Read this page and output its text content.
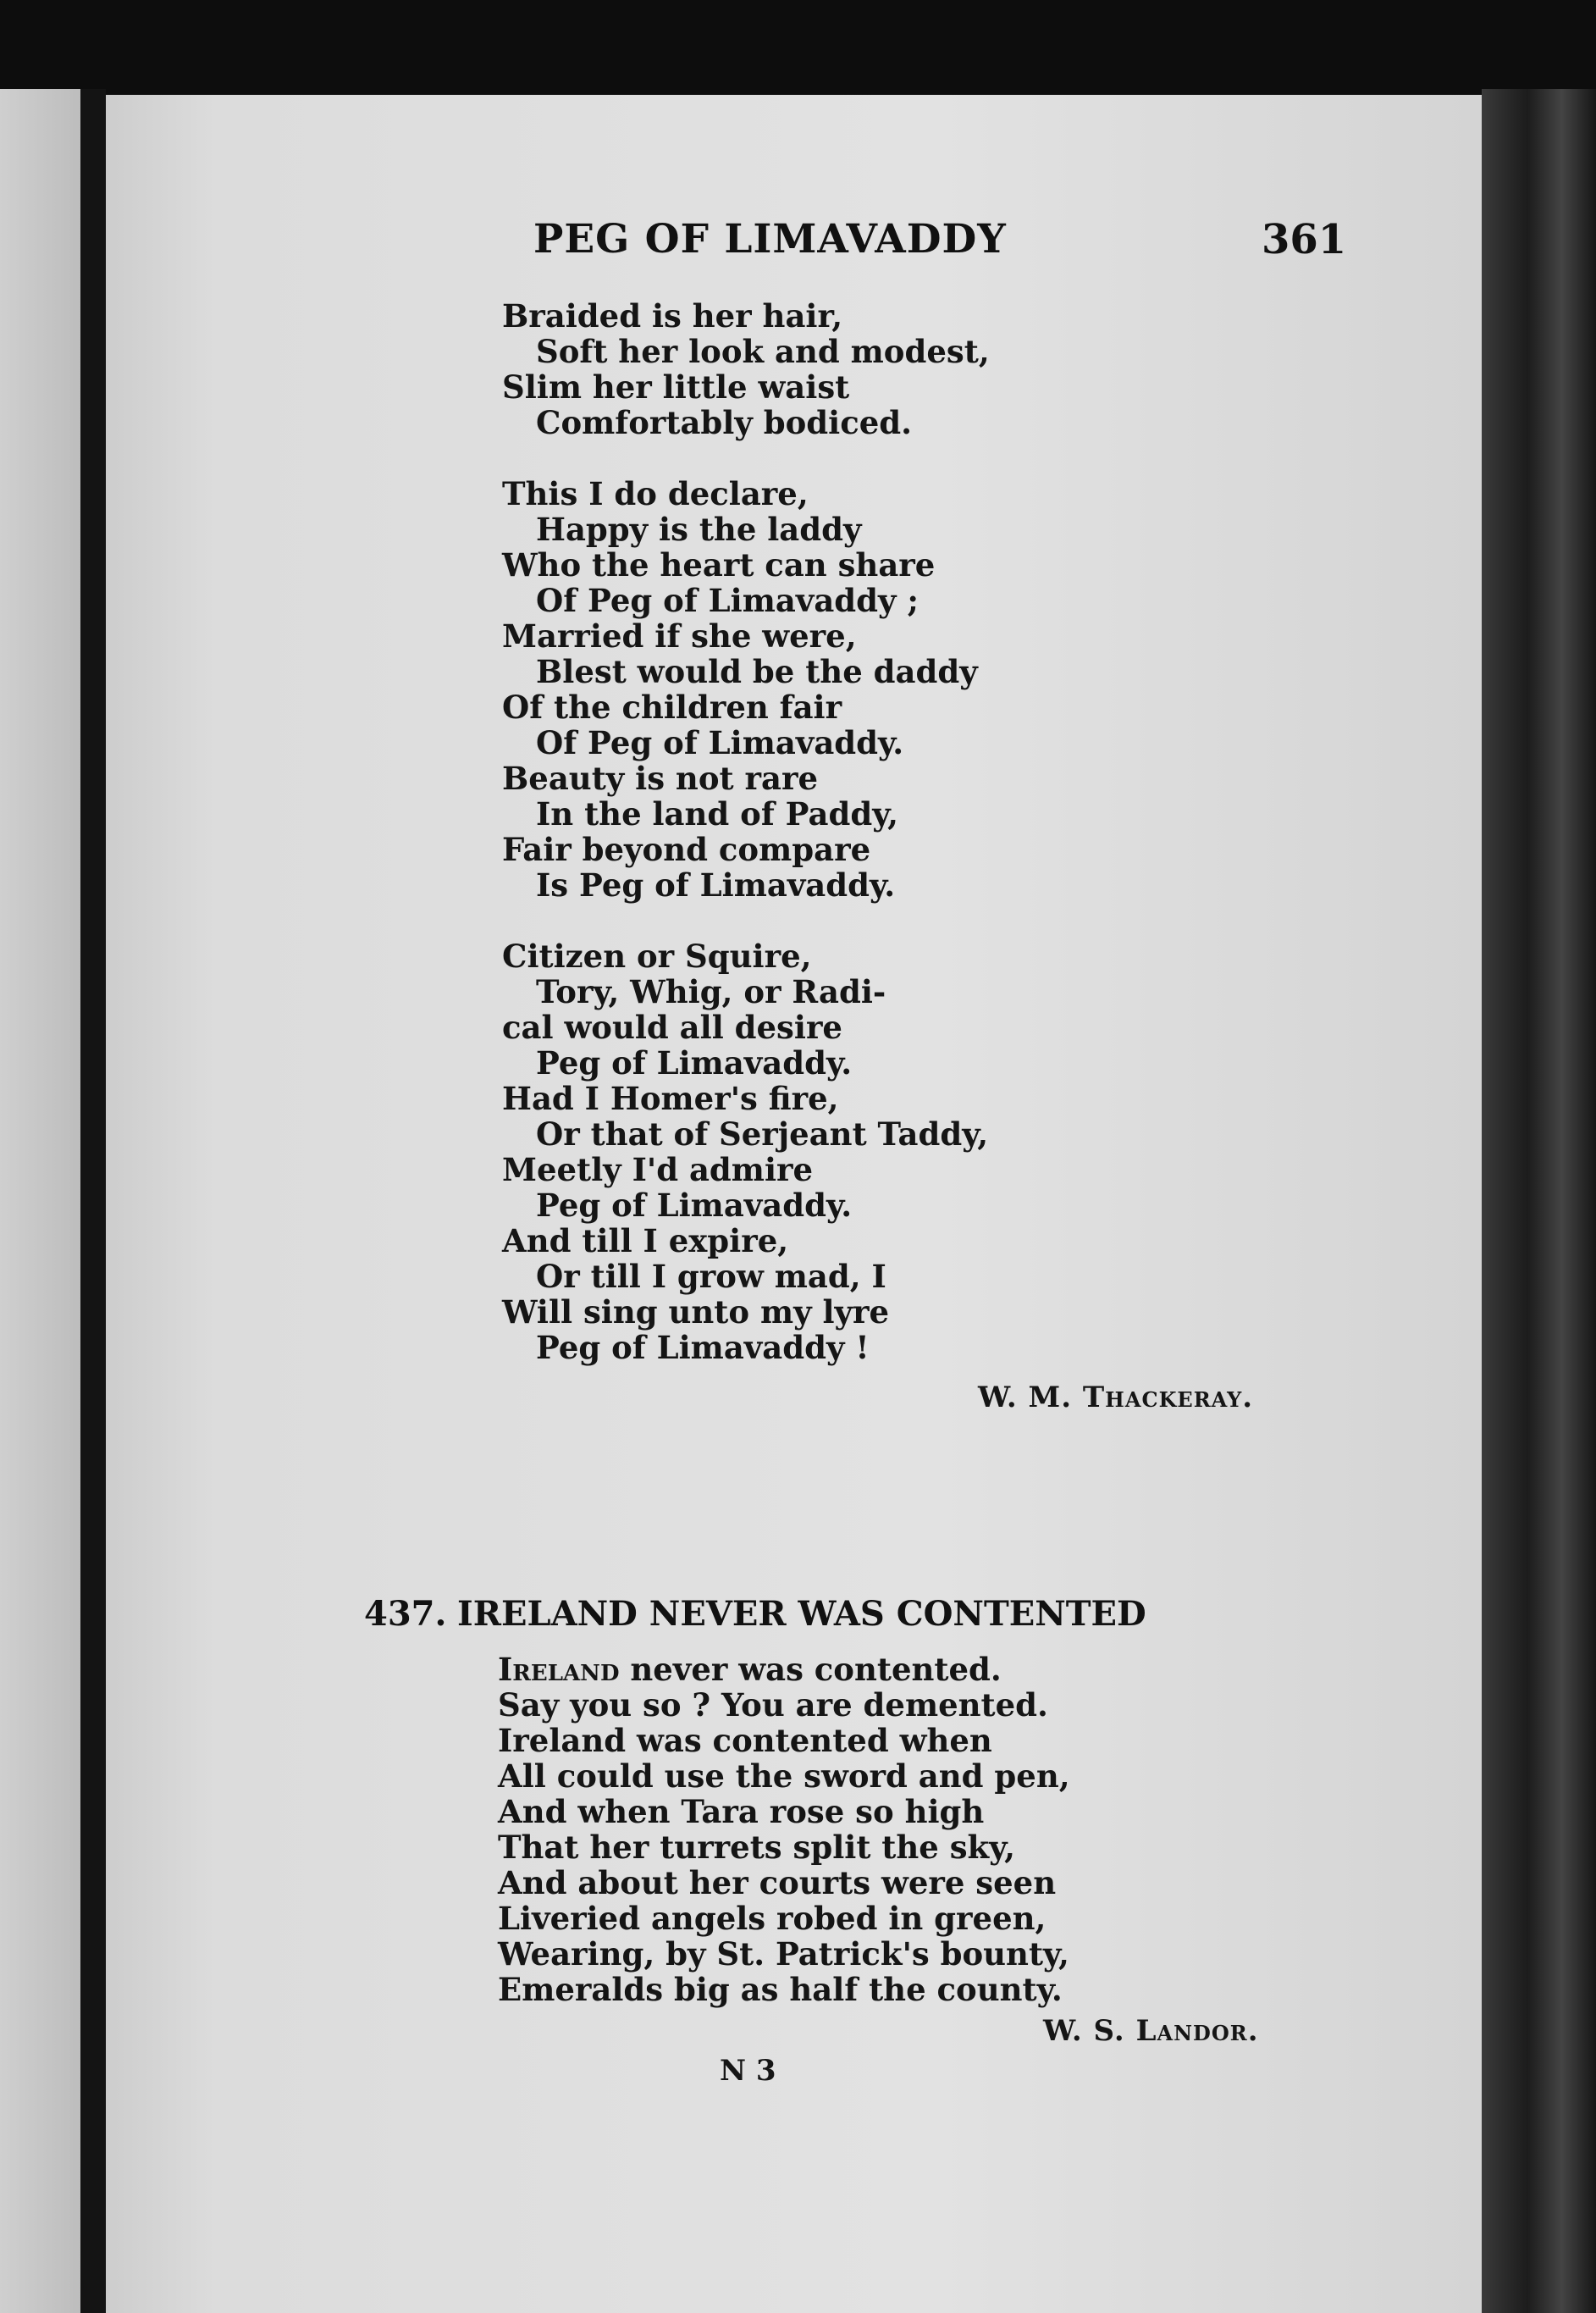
PEG OF LIMAVADDY	361
Braided is her hair,
Soft her look and modest,
Slim her little waist
Comfortably bodiced.
This I do declare,
Happy is the laddy
Who the heart can share
Of Peg of Limavaddy ;
Married if she were,
Blest would be the daddy
Of the children fair
Of Peg of Limavaddy.
Beauty is not rare
In the land of Paddy,
Fair beyond compare
Is Peg of Limavaddy.
Citizen or Squire,
Tory, Whig, or Radi-
cal would all desire
Peg of Limavaddy.
Had I Homer's fire,
Or that of Serjeant Taddy,
Meetly I'd admire
Peg of Limavaddy.
And till I expire,
Or till I grow mad, I
Will sing unto my lyre
Peg of Limavaddy !
W. M. Thackeray.
437. IRELAND NEVER WAS CONTENTED
Ireland never was contented.
Say you so ? You are demented.
Ireland was contented when
All could use the sword and pen,
And when Tara rose so high
That her turrets split the sky,
And about her courts were seen
Liveried angels robed in green,
Wearing, by St. Patrick's bounty,
Emeralds big as half the county.
W. S. Landor.
N 3
